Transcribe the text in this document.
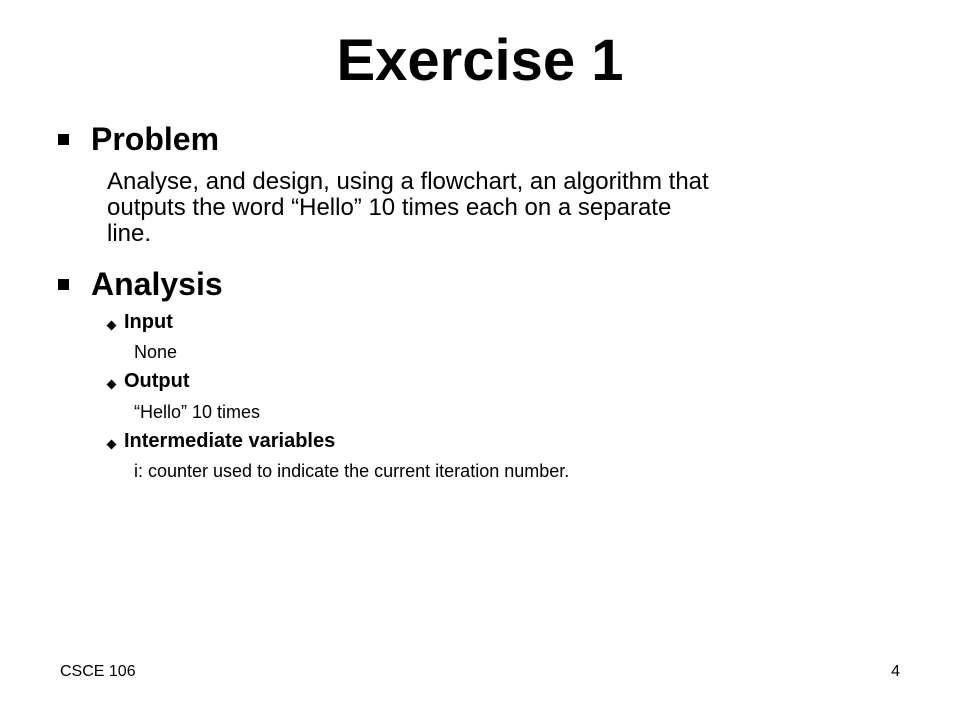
Exercise 1
Problem
Analyse, and design, using a flowchart, an algorithm that
outputs the word “Hello” 10 times each on a separate
line.
Analysis
Input
None
Output
“Hello” 10 times
Intermediate variables
i: counter used to indicate the current iteration number.
CSCE 106	4
